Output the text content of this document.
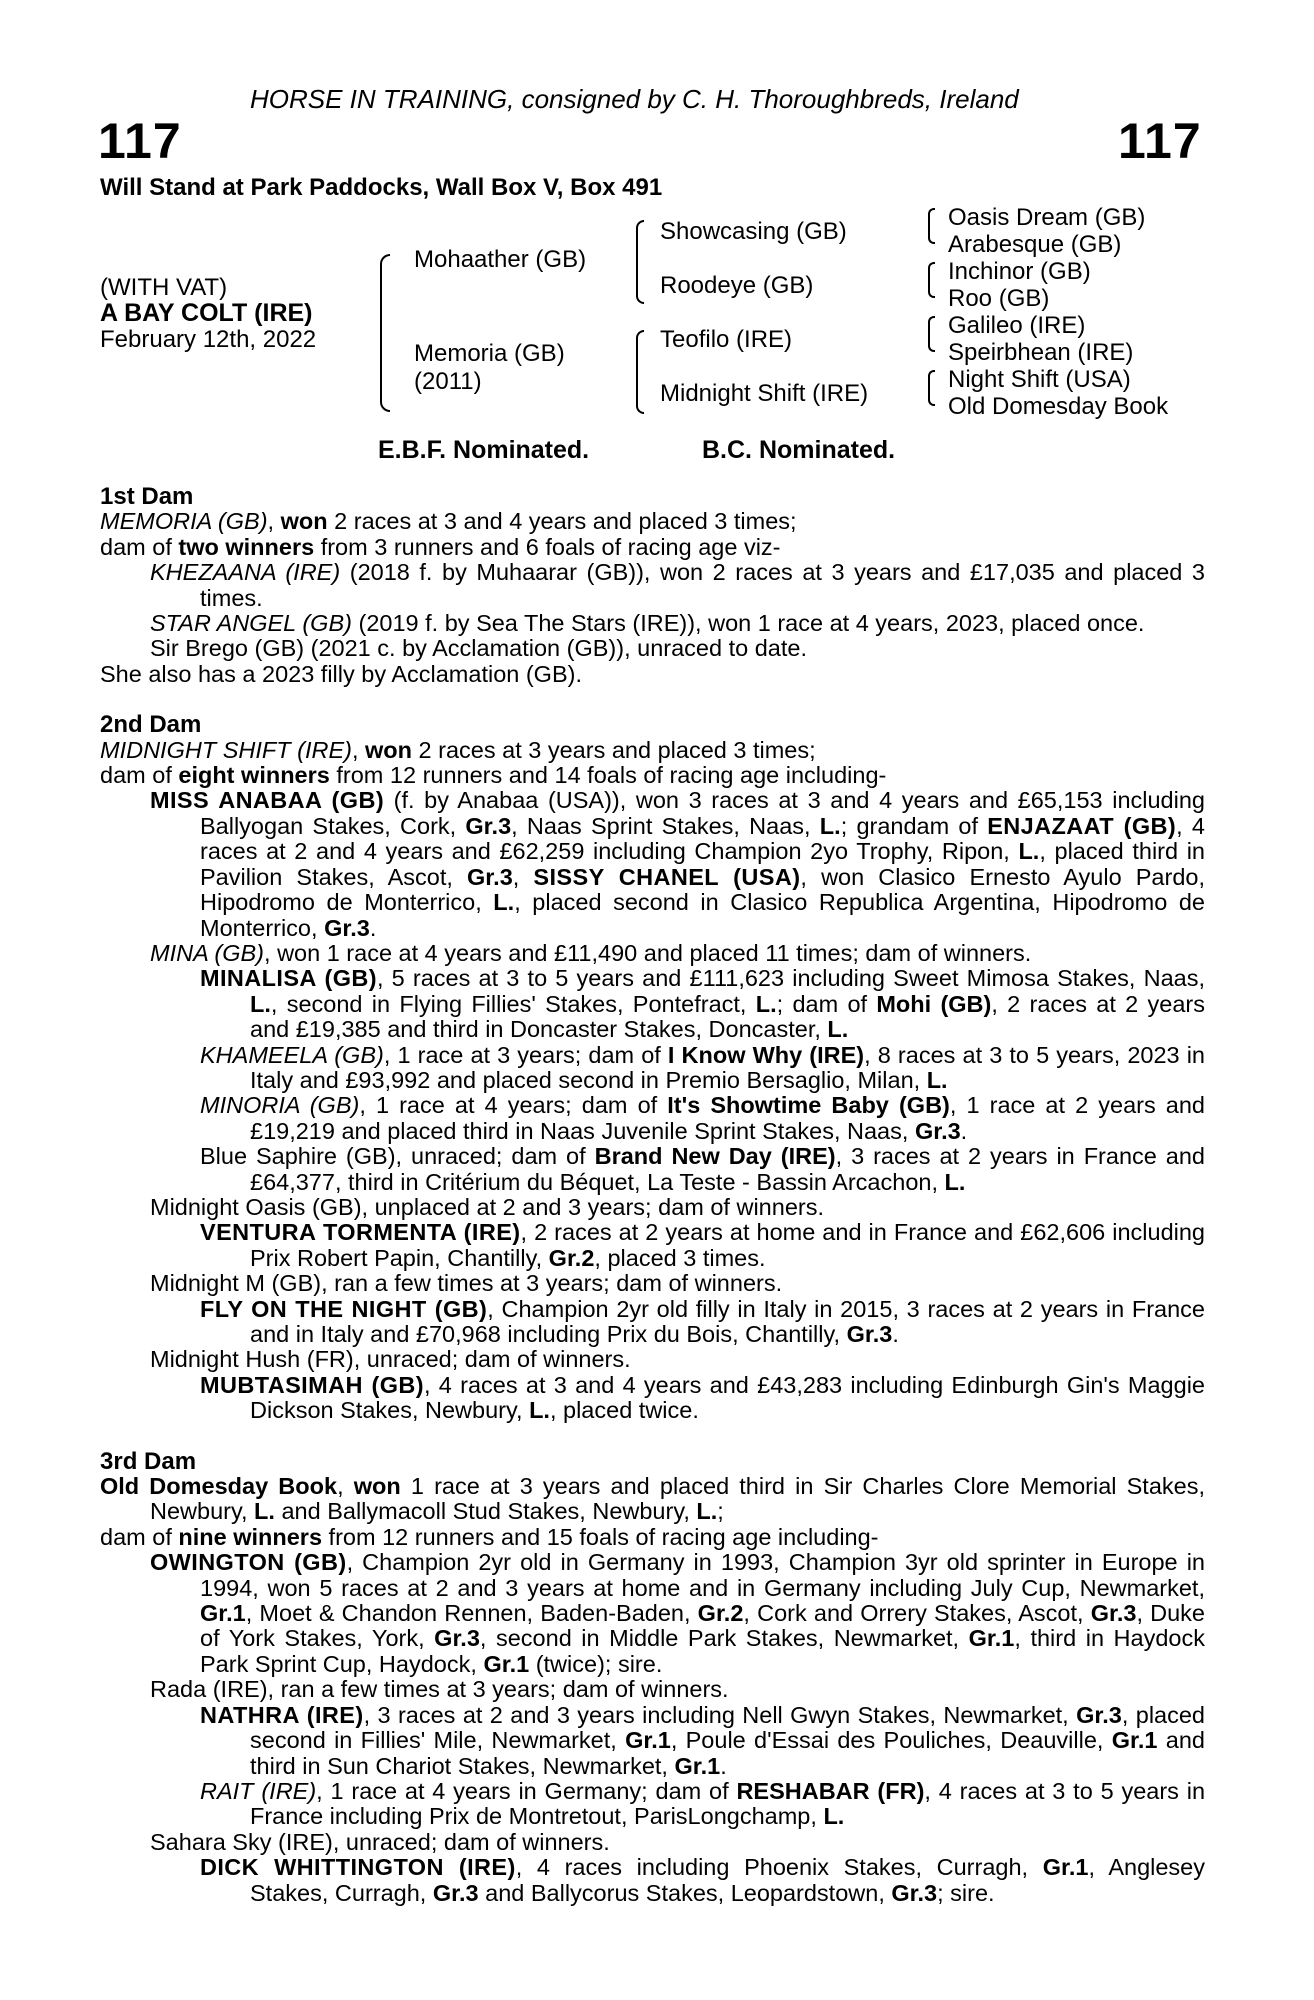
HORSE IN TRAINING, consigned by C. H. Thoroughbreds, Ireland
117	117
Will Stand at Park Paddocks, Wall Box V, Box 491
(WITH VAT)
A BAY COLT (IRE)
February 12th, 2022
Mohaather (GB)
Memoria (GB)
(2011)
Showcasing (GB)
Roodeye (GB)
Teofilo (IRE)
Midnight Shift (IRE)
Oasis Dream (GB)
Arabesque (GB)
Inchinor (GB)
Roo (GB)
Galileo (IRE)
Speirbhean (IRE)
Night Shift (USA)
Old Domesday Book
E.B.F. Nominated.	B.C. Nominated.
1st Dam
MEMORIA (GB), won 2 races at 3 and 4 years and placed 3 times;
dam of two winners from 3 runners and 6 foals of racing age viz-
KHEZAANA (IRE) (2018 f. by Muhaarar (GB)), won 2 races at 3 years and £17,035 and placed 3 times.
STAR ANGEL (GB) (2019 f. by Sea The Stars (IRE)), won 1 race at 4 years, 2023, placed once.
Sir Brego (GB) (2021 c. by Acclamation (GB)), unraced to date.
She also has a 2023 filly by Acclamation (GB).
2nd Dam
MIDNIGHT SHIFT (IRE), won 2 races at 3 years and placed 3 times;
dam of eight winners from 12 runners and 14 foals of racing age including-
MISS ANABAA (GB) (f. by Anabaa (USA)), won 3 races at 3 and 4 years and £65,153 including Ballyogan Stakes, Cork, Gr.3, Naas Sprint Stakes, Naas, L.; grandam of ENJAZAAT (GB), 4 races at 2 and 4 years and £62,259 including Champion 2yo Trophy, Ripon, L., placed third in Pavilion Stakes, Ascot, Gr.3, SISSY CHANEL (USA), won Clasico Ernesto Ayulo Pardo, Hipodromo de Monterrico, L., placed second in Clasico Republica Argentina, Hipodromo de Monterrico, Gr.3.
MINA (GB), won 1 race at 4 years and £11,490 and placed 11 times; dam of winners.
MINALISA (GB), 5 races at 3 to 5 years and £111,623 including Sweet Mimosa Stakes, Naas, L., second in Flying Fillies' Stakes, Pontefract, L.; dam of Mohi (GB), 2 races at 2 years and £19,385 and third in Doncaster Stakes, Doncaster, L.
KHAMEELA (GB), 1 race at 3 years; dam of I Know Why (IRE), 8 races at 3 to 5 years, 2023 in Italy and £93,992 and placed second in Premio Bersaglio, Milan, L.
MINORIA (GB), 1 race at 4 years; dam of It's Showtime Baby (GB), 1 race at 2 years and £19,219 and placed third in Naas Juvenile Sprint Stakes, Naas, Gr.3.
Blue Saphire (GB), unraced; dam of Brand New Day (IRE), 3 races at 2 years in France and £64,377, third in Critérium du Béquet, La Teste - Bassin Arcachon, L.
Midnight Oasis (GB), unplaced at 2 and 3 years; dam of winners.
VENTURA TORMENTA (IRE), 2 races at 2 years at home and in France and £62,606 including Prix Robert Papin, Chantilly, Gr.2, placed 3 times.
Midnight M (GB), ran a few times at 3 years; dam of winners.
FLY ON THE NIGHT (GB), Champion 2yr old filly in Italy in 2015, 3 races at 2 years in France and in Italy and £70,968 including Prix du Bois, Chantilly, Gr.3.
Midnight Hush (FR), unraced; dam of winners.
MUBTASIMAH (GB), 4 races at 3 and 4 years and £43,283 including Edinburgh Gin's Maggie Dickson Stakes, Newbury, L., placed twice.
3rd Dam
Old Domesday Book, won 1 race at 3 years and placed third in Sir Charles Clore Memorial Stakes, Newbury, L. and Ballymacoll Stud Stakes, Newbury, L.;
dam of nine winners from 12 runners and 15 foals of racing age including-
OWINGTON (GB), Champion 2yr old in Germany in 1993, Champion 3yr old sprinter in Europe in 1994, won 5 races at 2 and 3 years at home and in Germany including July Cup, Newmarket, Gr.1, Moet & Chandon Rennen, Baden-Baden, Gr.2, Cork and Orrery Stakes, Ascot, Gr.3, Duke of York Stakes, York, Gr.3, second in Middle Park Stakes, Newmarket, Gr.1, third in Haydock Park Sprint Cup, Haydock, Gr.1 (twice); sire.
Rada (IRE), ran a few times at 3 years; dam of winners.
NATHRA (IRE), 3 races at 2 and 3 years including Nell Gwyn Stakes, Newmarket, Gr.3, placed second in Fillies' Mile, Newmarket, Gr.1, Poule d'Essai des Pouliches, Deauville, Gr.1 and third in Sun Chariot Stakes, Newmarket, Gr.1.
RAIT (IRE), 1 race at 4 years in Germany; dam of RESHABAR (FR), 4 races at 3 to 5 years in France including Prix de Montretout, ParisLongchamp, L.
Sahara Sky (IRE), unraced; dam of winners.
DICK WHITTINGTON (IRE), 4 races including Phoenix Stakes, Curragh, Gr.1, Anglesey Stakes, Curragh, Gr.3 and Ballycorus Stakes, Leopardstown, Gr.3; sire.
